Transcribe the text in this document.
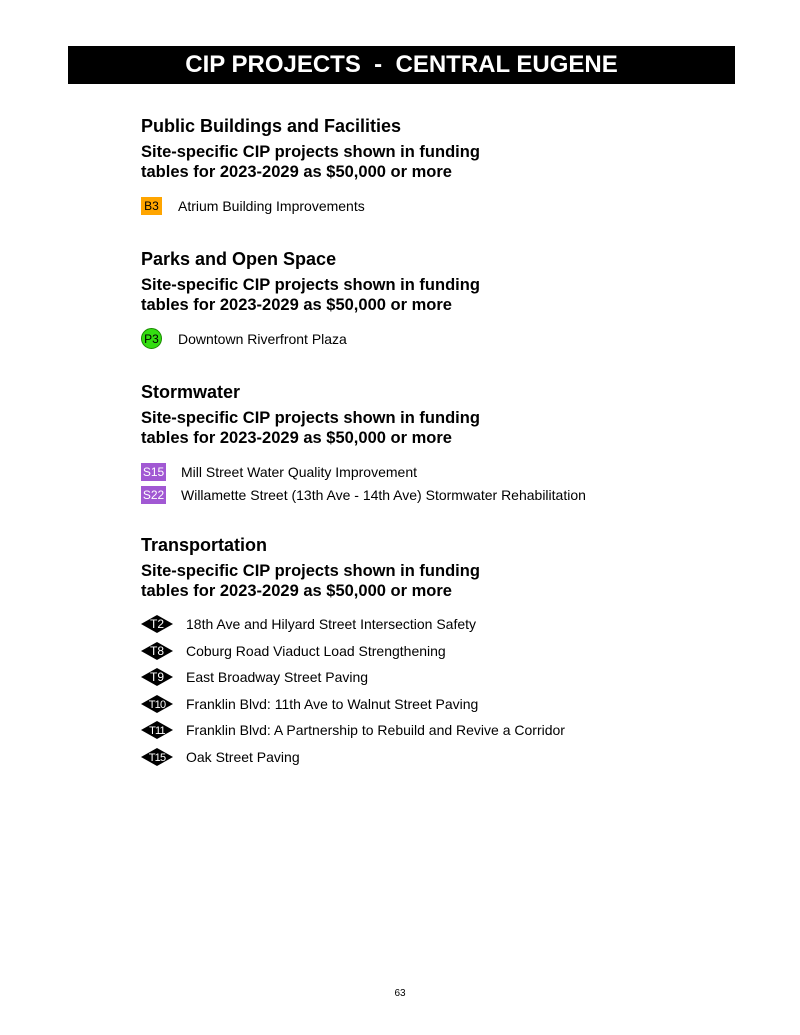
CIP PROJECTS  -  CENTRAL EUGENE
Public Buildings and Facilities
Site-specific CIP projects shown in funding
tables for 2023-2029 as $50,000 or more
B3 Atrium Building Improvements
Parks and Open Space
Site-specific CIP projects shown in funding
tables for 2023-2029 as $50,000 or more
P3 Downtown Riverfront Plaza
Stormwater
Site-specific CIP projects shown in funding
tables for 2023-2029 as $50,000 or more
S15 Mill Street Water Quality Improvement
S22 Willamette Street (13th Ave - 14th Ave) Stormwater Rehabilitation
Transportation
Site-specific CIP projects shown in funding
tables for 2023-2029 as $50,000 or more
T2 18th Ave and Hilyard Street Intersection Safety
T8 Coburg Road Viaduct Load Strengthening
T9 East Broadway Street Paving
T10 Franklin Blvd: 11th Ave to Walnut Street Paving
T11 Franklin Blvd: A Partnership to Rebuild and Revive a Corridor
T15 Oak Street Paving
63
